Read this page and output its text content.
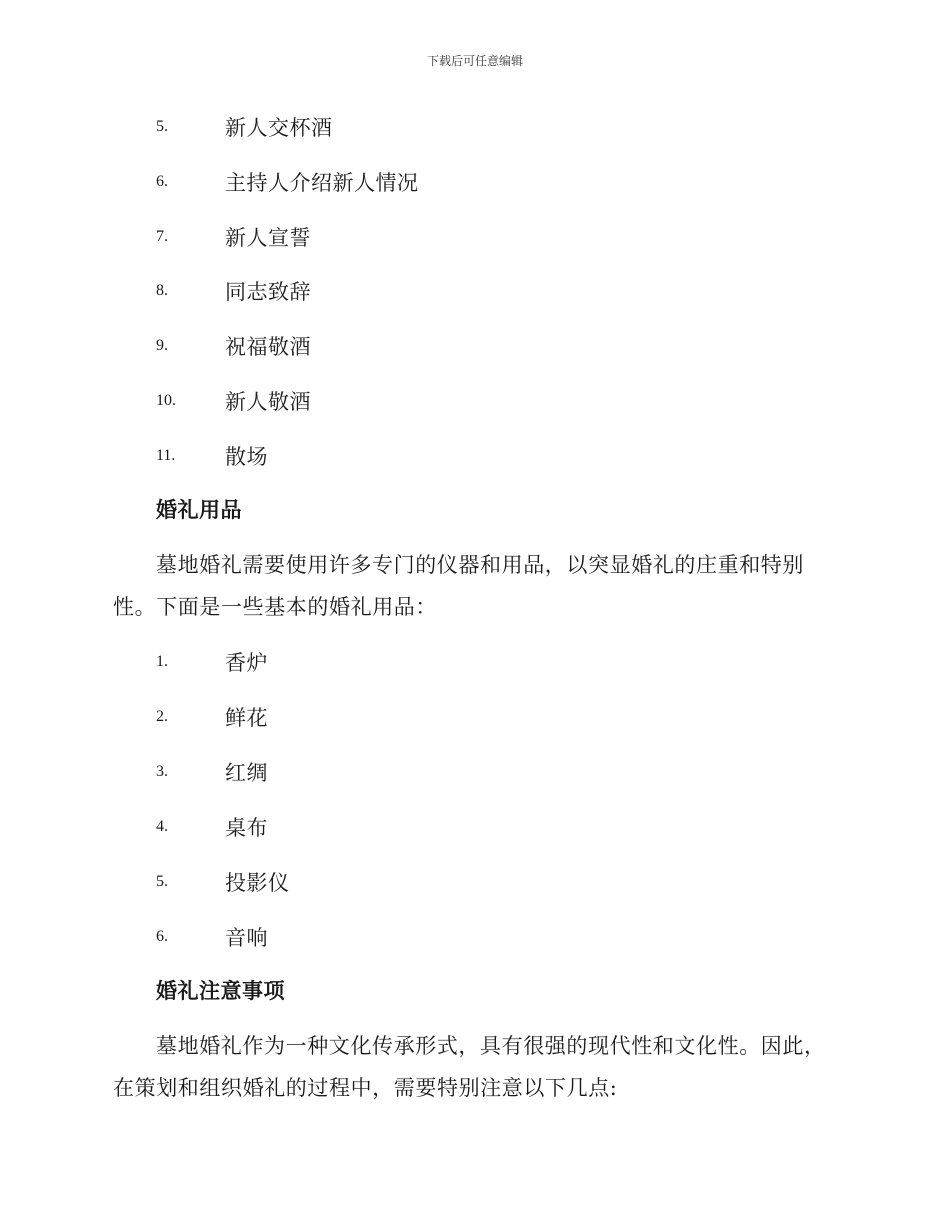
下载后可任意编辑
5.	新人交杯酒
6.	主持人介绍新人情况
7.	新人宣誓
8.	同志致辞
9.	祝福敬酒
10.	新人敬酒
11.	散场
婚礼用品
墓地婚礼需要使用许多专门的仪器和用品，以突显婚礼的庄重和特别
性。下面是一些基本的婚礼用品：
1.	香炉
2.	鲜花
3.	红绸
4.	桌布
5.	投影仪
6.	音响
婚礼注意事项
墓地婚礼作为一种文化传承形式，具有很强的现代性和文化性。因此，
在策划和组织婚礼的过程中，需要特别注意以下几点:
